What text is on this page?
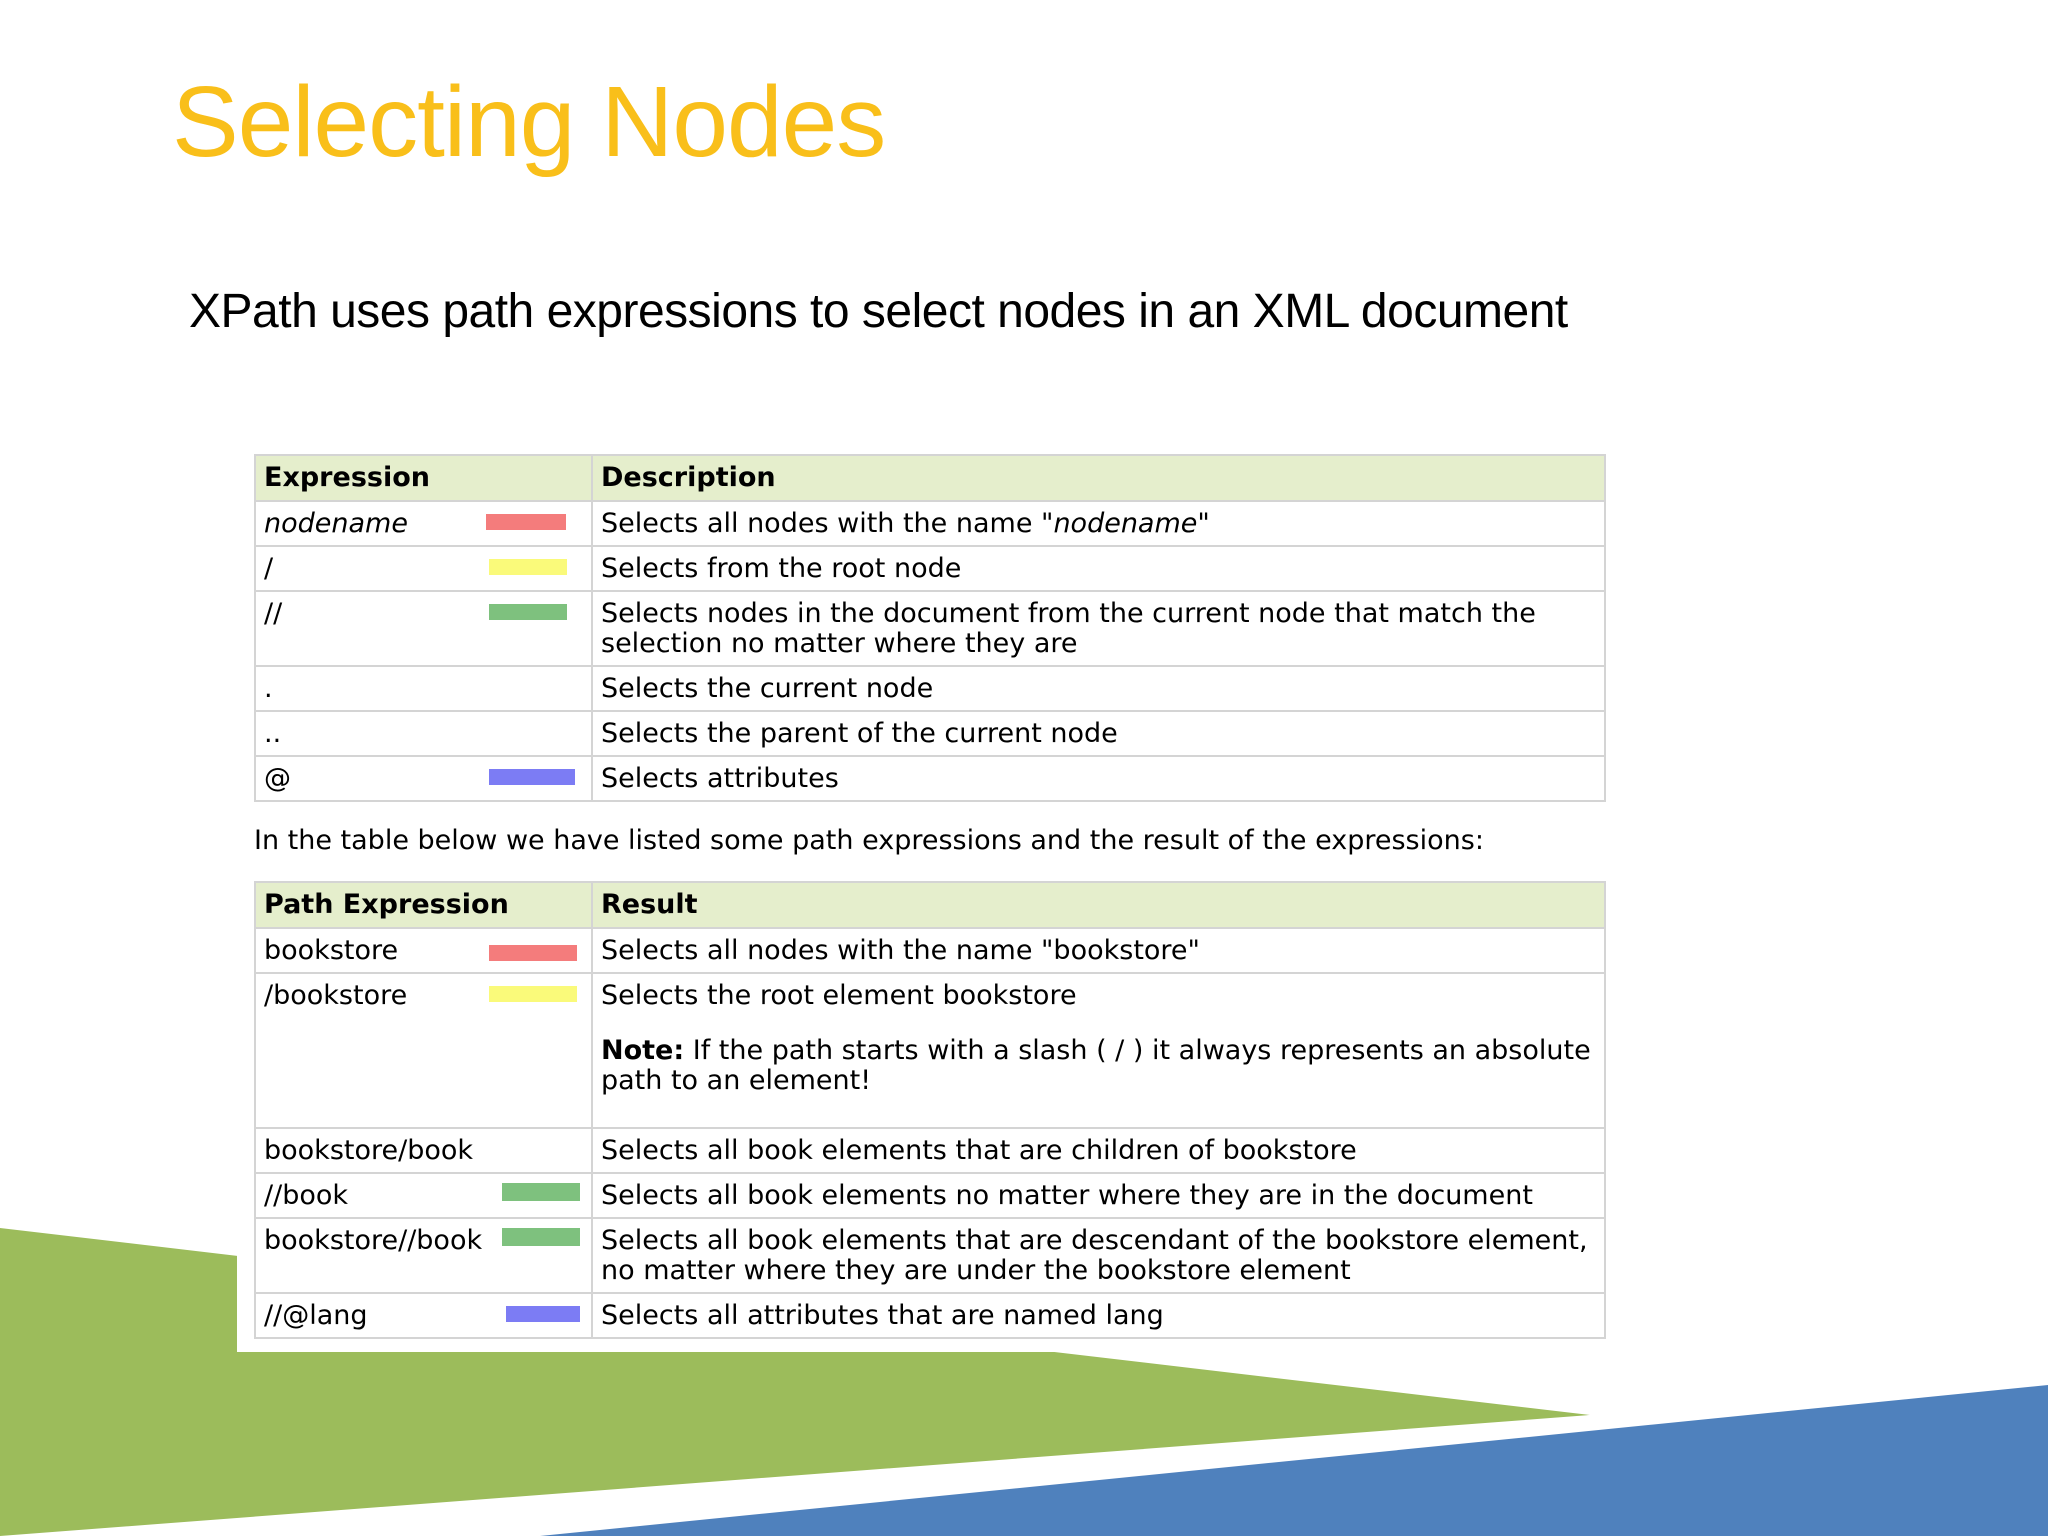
Selecting Nodes

XPath uses path expressions to select nodes in an XML document

Expression	Description
nodename	Selects all nodes with the name "nodename"
/	Selects from the root node
//	Selects nodes in the document from the current node that match the selection no matter where they are
.	Selects the current node
..	Selects the parent of the current node
@	Selects attributes

In the table below we have listed some path expressions and the result of the expressions:

Path Expression	Result
bookstore	Selects all nodes with the name "bookstore"
/bookstore	Selects the root element bookstore
Note: If the path starts with a slash ( / ) it always represents an absolute path to an element!

bookstore/book	Selects all book elements that are children of bookstore
//book	Selects all book elements no matter where they are in the document
bookstore//book	Selects all book elements that are descendant of the bookstore element, no matter where they are under the bookstore element
//@lang	Selects all attributes that are named lang
